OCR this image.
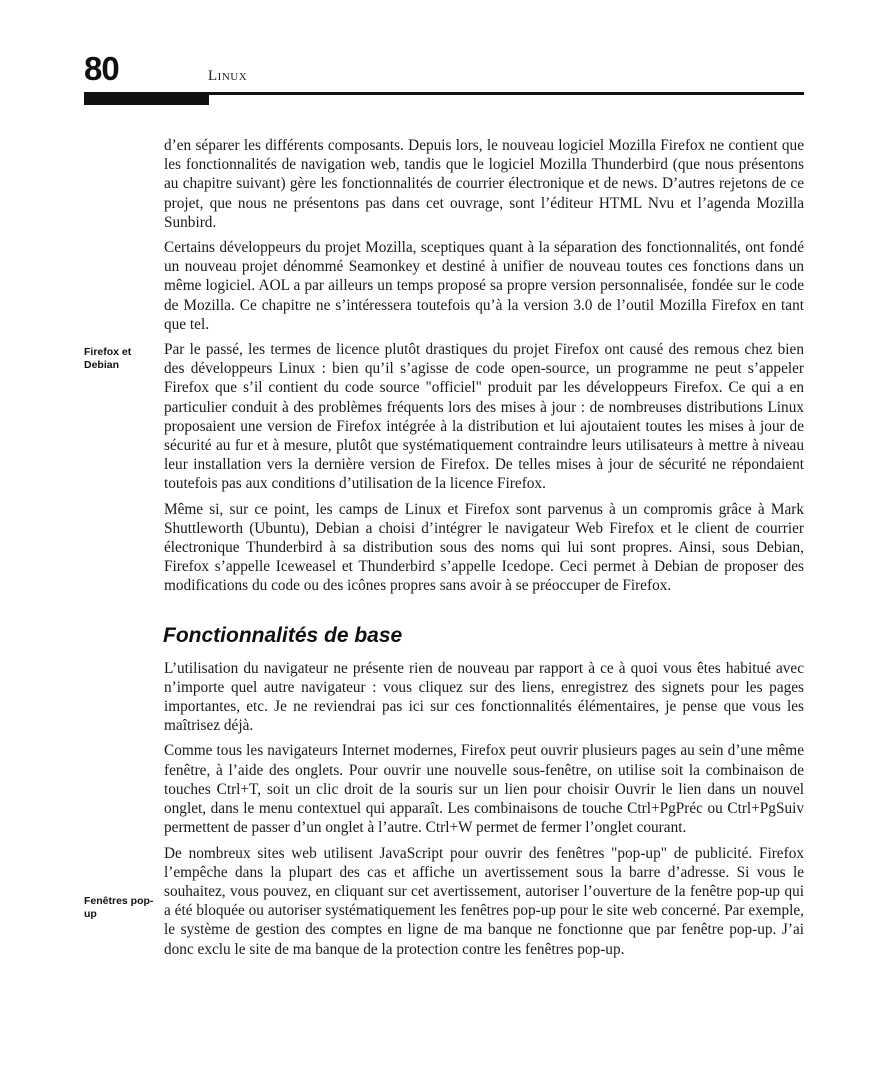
80	Linux
Firefox et Debian
Fenêtres pop-up

d’en séparer les différents composants. Depuis lors, le nouveau logiciel Mozilla Firefox ne contient que les fonctionnalités de navigation web, tandis que le logiciel Mozilla Thunderbird (que nous présentons au chapitre suivant) gère les fonctionnalités de courrier électronique et de news. D’autres rejetons de ce projet, que nous ne présentons pas dans cet ouvrage, sont l’éditeur HTML Nvu et l’agenda Mozilla Sunbird.

Certains développeurs du projet Mozilla, sceptiques quant à la séparation des fonctionnalités, ont fondé un nouveau projet dénommé Seamonkey et destiné à unifier de nouveau toutes ces fonctions dans un même logiciel. AOL a par ailleurs un temps proposé sa propre version personnalisée, fondée sur le code de Mozilla. Ce chapitre ne s’intéressera toutefois qu’à la version 3.0 de l’outil Mozilla Firefox en tant que tel.

Par le passé, les termes de licence plutôt drastiques du projet Firefox ont causé des remous chez bien des développeurs Linux : bien qu’il s’agisse de code open-source, un programme ne peut s’appeler Firefox que s’il contient du code source "officiel" produit par les développeurs Firefox. Ce qui a en particulier conduit à des problèmes fréquents lors des mises à jour : de nombreuses distributions Linux proposaient une version de Firefox intégrée à la distribution et lui ajoutaient toutes les mises à jour de sécurité au fur et à mesure, plutôt que systématiquement contraindre leurs utilisateurs à mettre à niveau leur installation vers la dernière version de Firefox. De telles mises à jour de sécurité ne répondaient toutefois pas aux conditions d’utilisation de la licence Firefox.

Même si, sur ce point, les camps de Linux et Firefox sont parvenus à un compromis grâce à Mark Shuttleworth (Ubuntu), Debian a choisi d’intégrer le navigateur Web Firefox et le client de courrier électronique Thunderbird à sa distribution sous des noms qui lui sont propres. Ainsi, sous Debian, Firefox s’appelle Iceweasel et Thunderbird s’appelle Icedope. Ceci permet à Debian de proposer des modifications du code ou des icônes propres sans avoir à se préoccuper de Firefox.

Fonctionnalités de base

L’utilisation du navigateur ne présente rien de nouveau par rapport à ce à quoi vous êtes habitué avec n’importe quel autre navigateur : vous cliquez sur des liens, enregistrez des signets pour les pages importantes, etc. Je ne reviendrai pas ici sur ces fonctionnalités élémentaires, je pense que vous les maîtrisez déjà.

Comme tous les navigateurs Internet modernes, Firefox peut ouvrir plusieurs pages au sein d’une même fenêtre, à l’aide des onglets. Pour ouvrir une nouvelle sous-fenêtre, on utilise soit la combinaison de touches Ctrl+T, soit un clic droit de la souris sur un lien pour choisir Ouvrir le lien dans un nouvel onglet, dans le menu contextuel qui apparaît. Les combinaisons de touche Ctrl+PgPréc ou Ctrl+PgSuiv permettent de passer d’un onglet à l’autre. Ctrl+W permet de fermer l’onglet courant.

De nombreux sites web utilisent JavaScript pour ouvrir des fenêtres "pop-up" de publicité. Firefox l’empêche dans la plupart des cas et affiche un avertissement sous la barre d’adresse. Si vous le souhaitez, vous pouvez, en cliquant sur cet avertissement, autoriser l’ouverture de la fenêtre pop-up qui a été bloquée ou autoriser systématiquement les fenêtres pop-up pour le site web concerné. Par exemple, le système de gestion des comptes en ligne de ma banque ne fonctionne que par fenêtre pop-up. J’ai donc exclu le site de ma banque de la protection contre les fenêtres pop-up.
